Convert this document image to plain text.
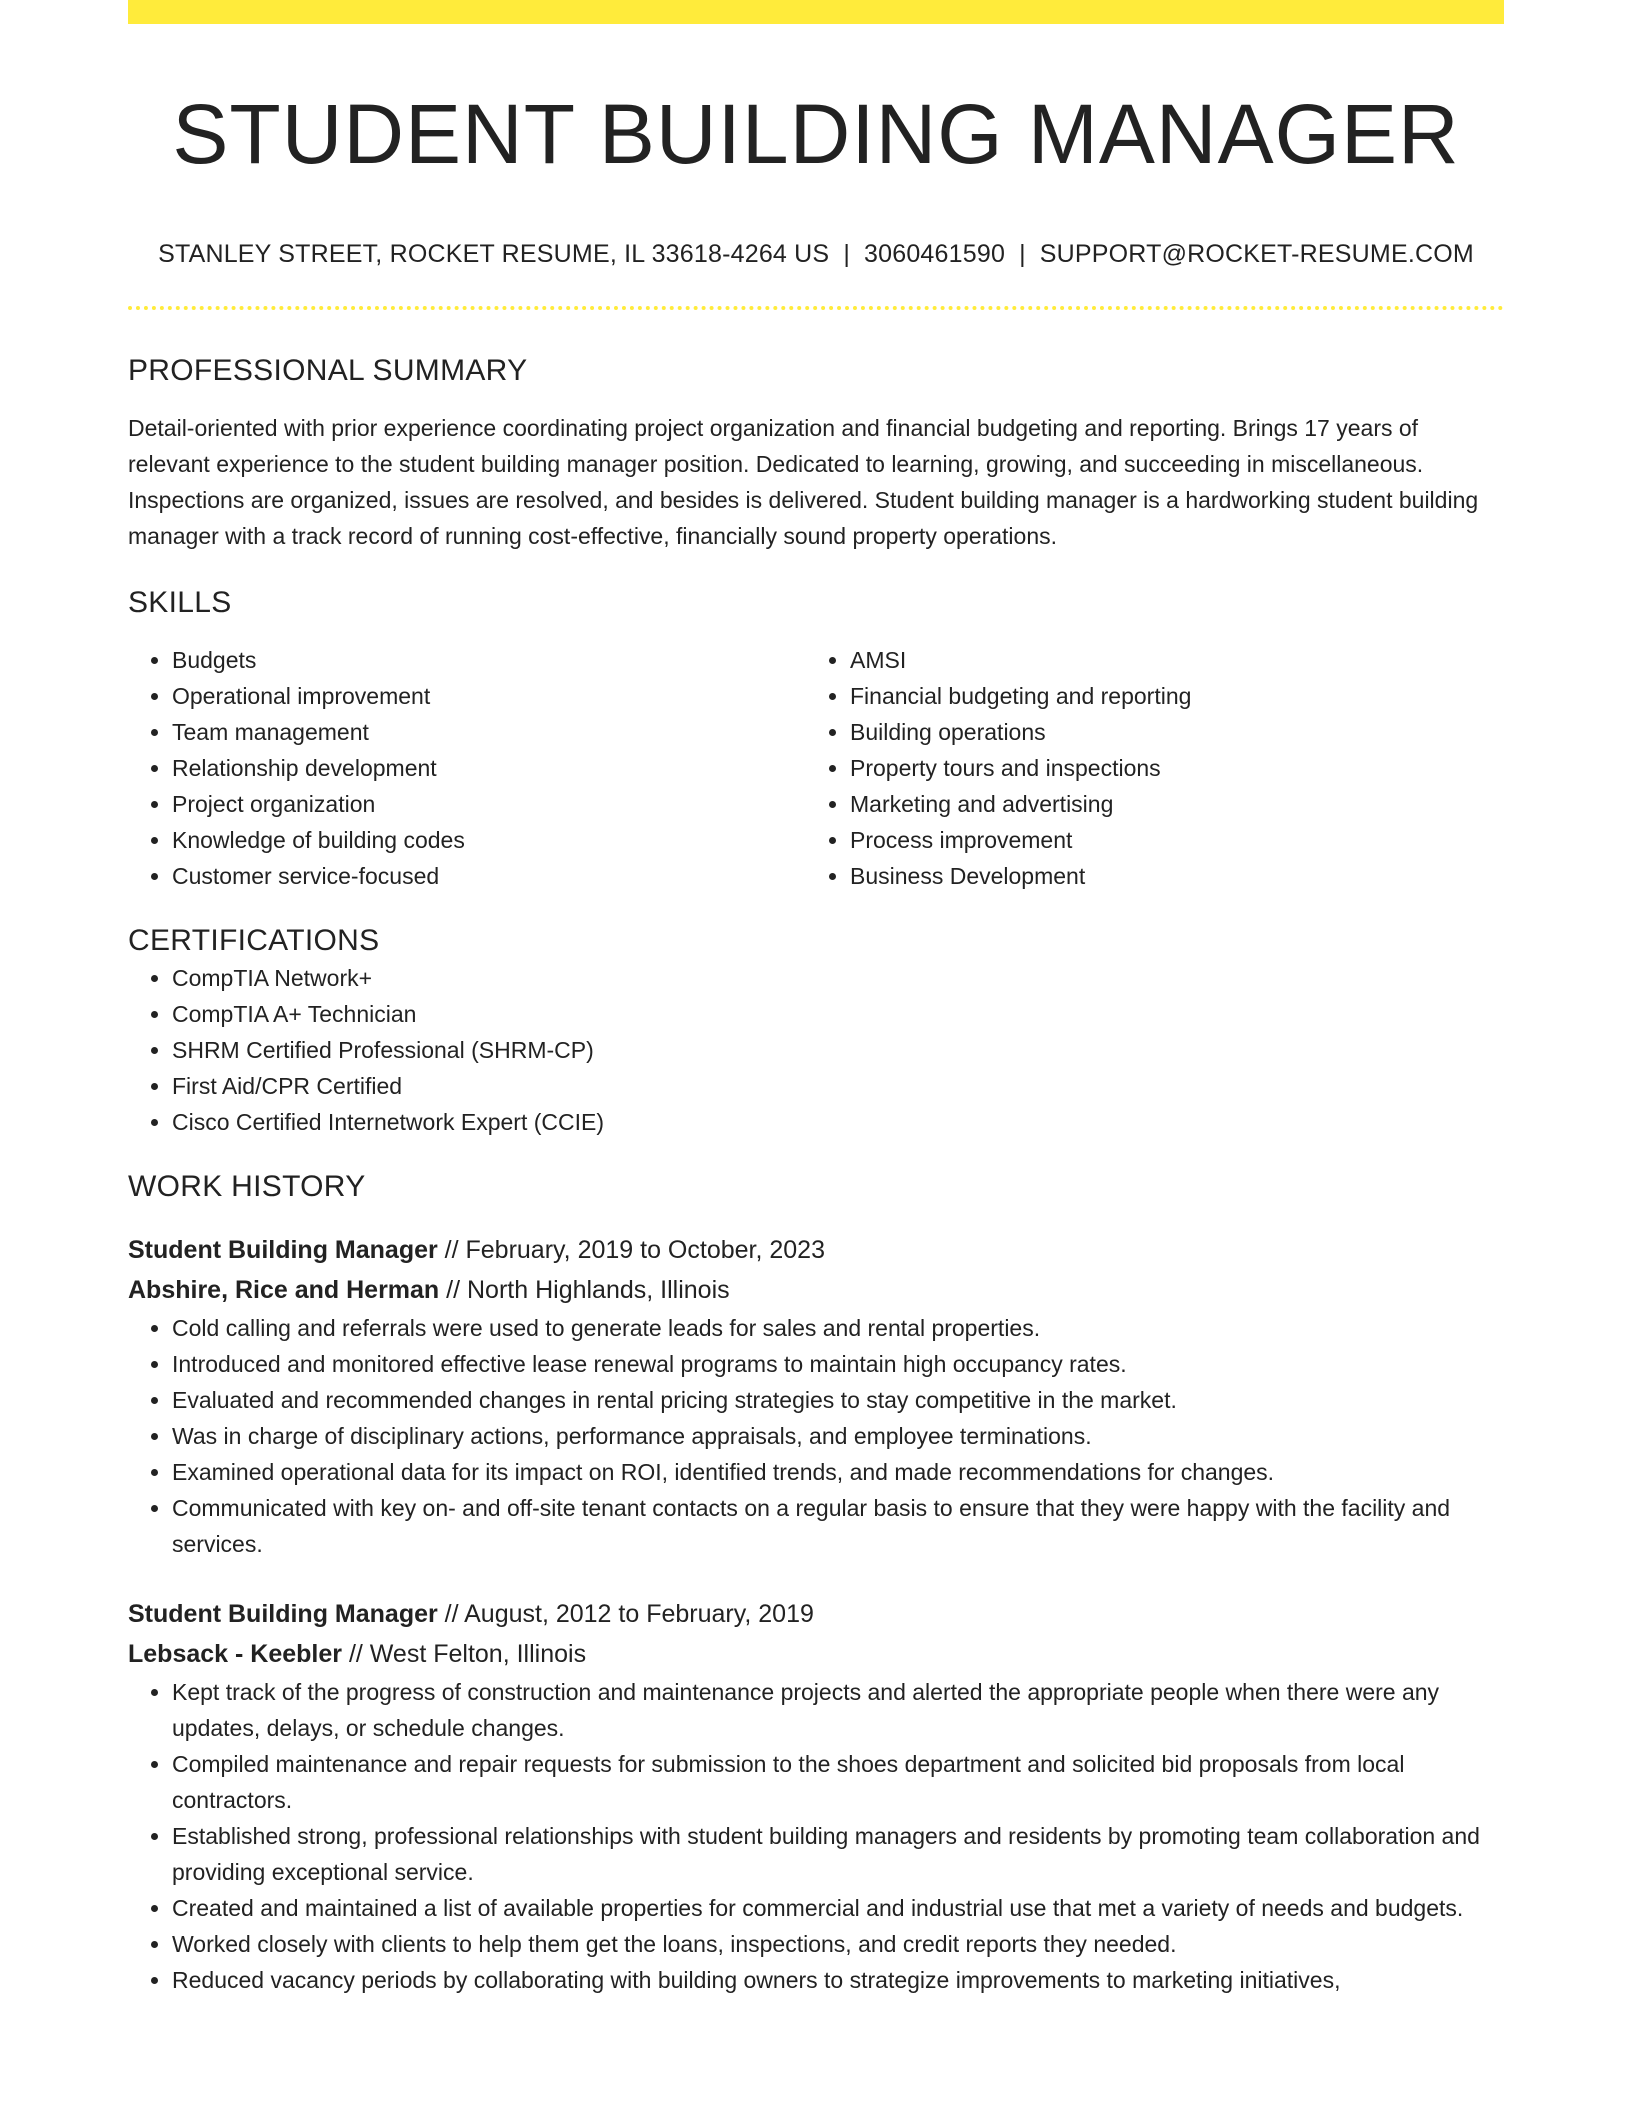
STUDENT BUILDING MANAGER
STANLEY STREET, ROCKET RESUME, IL 33618-4264 US | 3060461590 | SUPPORT@ROCKET-RESUME.COM
PROFESSIONAL SUMMARY
Detail-oriented with prior experience coordinating project organization and financial budgeting and reporting. Brings 17 years of relevant experience to the student building manager position. Dedicated to learning, growing, and succeeding in miscellaneous. Inspections are organized, issues are resolved, and besides is delivered. Student building manager is a hardworking student building manager with a track record of running cost-effective, financially sound property operations.
SKILLS
• Budgets
• Operational improvement
• Team management
• Relationship development
• Project organization
• Knowledge of building codes
• Customer service-focused
• AMSI
• Financial budgeting and reporting
• Building operations
• Property tours and inspections
• Marketing and advertising
• Process improvement
• Business Development
CERTIFICATIONS
• CompTIA Network+
• CompTIA A+ Technician
• SHRM Certified Professional (SHRM-CP)
• First Aid/CPR Certified
• Cisco Certified Internetwork Expert (CCIE)
WORK HISTORY
Student Building Manager // February, 2019 to October, 2023
Abshire, Rice and Herman // North Highlands, Illinois
• Cold calling and referrals were used to generate leads for sales and rental properties.
• Introduced and monitored effective lease renewal programs to maintain high occupancy rates.
• Evaluated and recommended changes in rental pricing strategies to stay competitive in the market.
• Was in charge of disciplinary actions, performance appraisals, and employee terminations.
• Examined operational data for its impact on ROI, identified trends, and made recommendations for changes.
• Communicated with key on- and off-site tenant contacts on a regular basis to ensure that they were happy with the facility and services.
Student Building Manager // August, 2012 to February, 2019
Lebsack - Keebler // West Felton, Illinois
• Kept track of the progress of construction and maintenance projects and alerted the appropriate people when there were any updates, delays, or schedule changes.
• Compiled maintenance and repair requests for submission to the shoes department and solicited bid proposals from local contractors.
• Established strong, professional relationships with student building managers and residents by promoting team collaboration and providing exceptional service.
• Created and maintained a list of available properties for commercial and industrial use that met a variety of needs and budgets.
• Worked closely with clients to help them get the loans, inspections, and credit reports they needed.
• Reduced vacancy periods by collaborating with building owners to strategize improvements to marketing initiatives,
